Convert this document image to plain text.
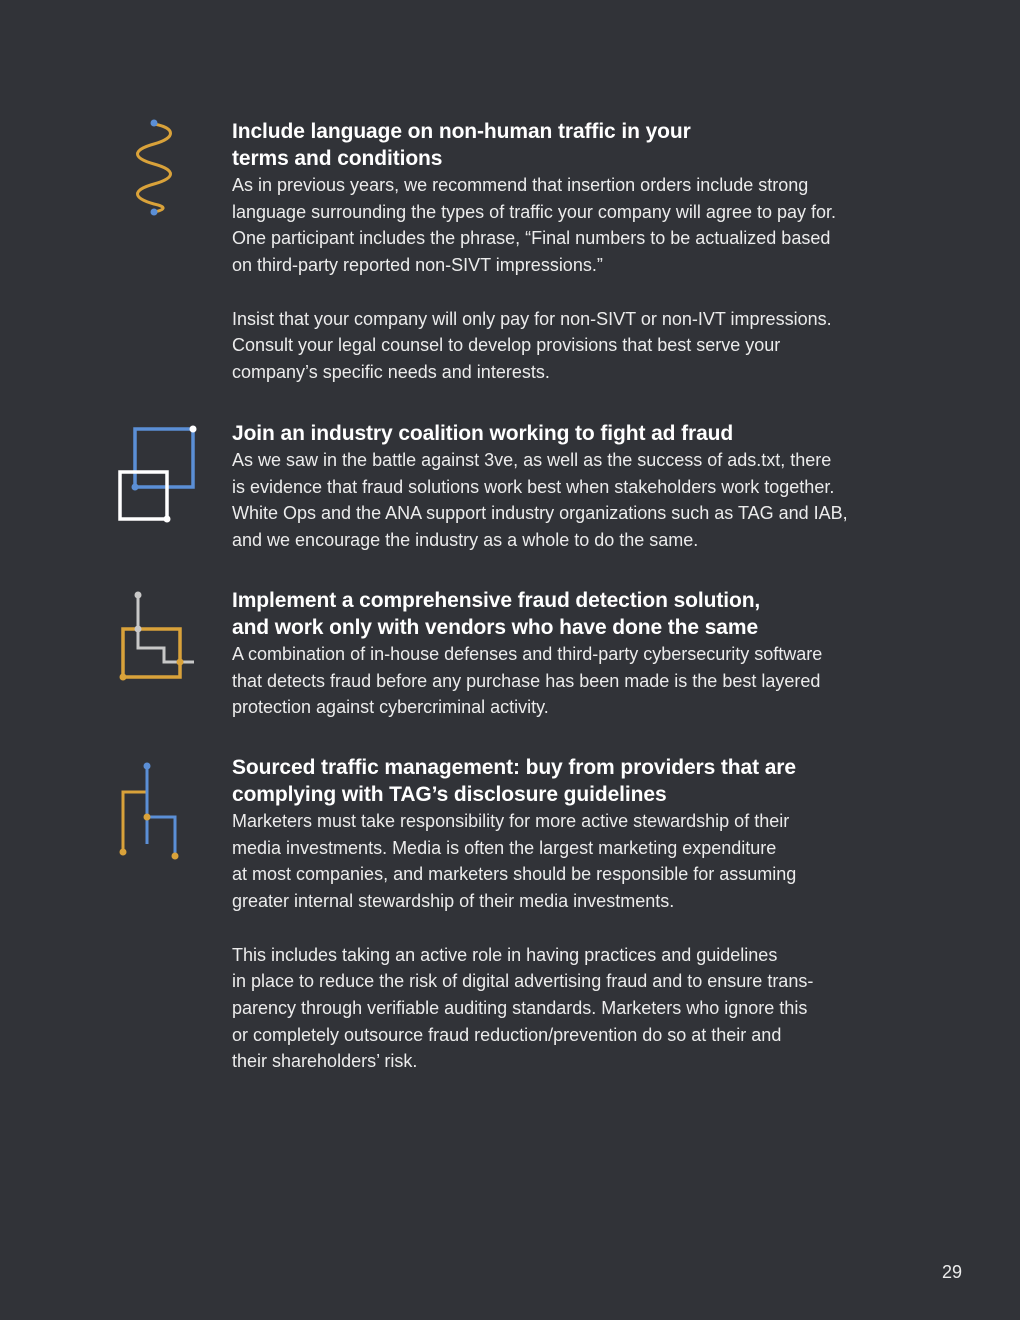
Include language on non-human traffic in your
terms and conditions

As in previous years, we recommend that insertion orders include strong
language surrounding the types of traffic your company will agree to pay for.
One participant includes the phrase, “Final numbers to be actualized based
on third-party reported non-SIVT impressions.”

Insist that your company will only pay for non-SIVT or non-IVT impressions.
Consult your legal counsel to develop provisions that best serve your
company’s specific needs and interests.

Join an industry coalition working to fight ad fraud

As we saw in the battle against 3ve, as well as the success of ads.txt, there
is evidence that fraud solutions work best when stakeholders work together.
White Ops and the ANA support industry organizations such as TAG and IAB,
and we encourage the industry as a whole to do the same.

Implement a comprehensive fraud detection solution,
and work only with vendors who have done the same

A combination of in-house defenses and third-party cybersecurity software
that detects fraud before any purchase has been made is the best layered
protection against cybercriminal activity.

Sourced traffic management: buy from providers that are
complying with TAG’s disclosure guidelines

Marketers must take responsibility for more active stewardship of their
media investments. Media is often the largest marketing expenditure
at most companies, and marketers should be responsible for assuming
greater internal stewardship of their media investments.

This includes taking an active role in having practices and guidelines
in place to reduce the risk of digital advertising fraud and to ensure trans-
parency through verifiable auditing standards. Marketers who ignore this
or completely outsource fraud reduction/prevention do so at their and
their shareholders’ risk.

29
